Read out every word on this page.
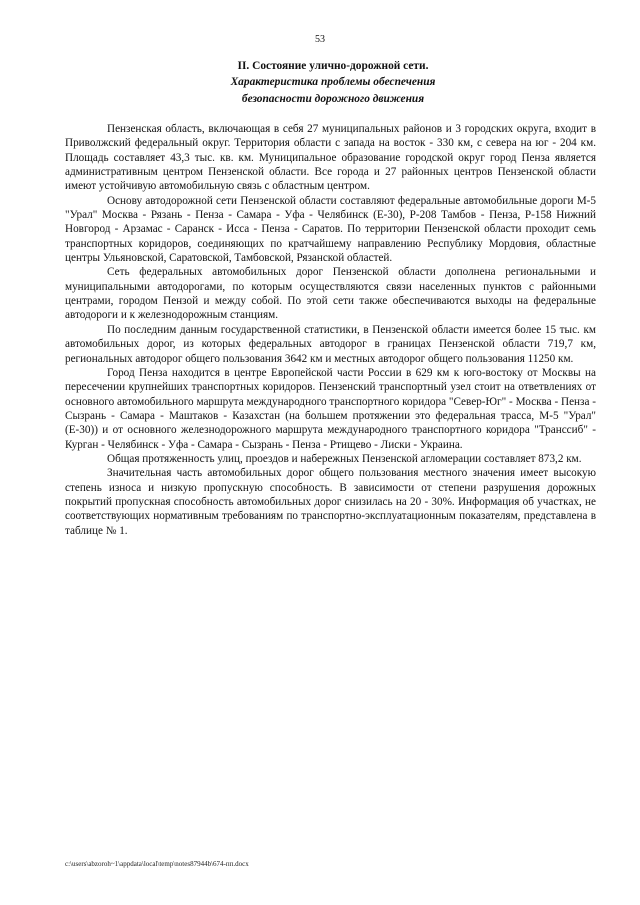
53
II. Состояние улично-дорожной сети.
Характеристика проблемы обеспечения
безопасности дорожного движения

Пензенская область, включающая в себя 27 муниципальных районов и 3 городских округа, входит в Приволжский федеральный округ. Территория области с запада на восток - 330 км, с севера на юг - 204 км. Площадь составляет 43,3 тыс. кв. км. Муниципальное образование городской округ город Пенза является административным центром Пензенской области. Все города и 27 районных центров Пензенской области имеют устойчивую автомобильную связь с областным центром.

Основу автодорожной сети Пензенской области составляют федеральные автомобильные дороги М-5 "Урал" Москва - Рязань - Пенза - Самара - Уфа - Челябинск (Е-30), Р-208 Тамбов - Пенза, Р-158 Нижний Новгород - Арзамас - Саранск - Исса - Пенза - Саратов. По территории Пензенской области проходит семь транспортных коридоров, соединяющих по кратчайшему направлению Республику Мордовия, областные центры Ульяновской, Саратовской, Тамбовской, Рязанской областей.

Сеть федеральных автомобильных дорог Пензенской области дополнена региональными и муниципальными автодорогами, по которым осуществляются связи населенных пунктов с районными центрами, городом Пензой и между собой. По этой сети также обеспечиваются выходы на федеральные автодороги и к железнодорожным станциям.

По последним данным государственной статистики, в Пензенской области имеется более 15 тыс. км автомобильных дорог, из которых федеральных автодорог в границах Пензенской области 719,7 км, региональных автодорог общего пользования 3642 км и местных автодорог общего пользования 11250 км.

Город Пенза находится в центре Европейской части России в 629 км к юго-востоку от Москвы на пересечении крупнейших транспортных коридоров. Пензенский транспортный узел стоит на ответвлениях от основного автомобильного маршрута международного транспортного коридора "Север-Юг" - Москва - Пенза - Сызрань - Самара - Маштаков - Казахстан (на большем протяжении это федеральная трасса, М-5 "Урал" (Е-30)) и от основного железнодорожного маршрута международного транспортного коридора "Транссиб" - Курган - Челябинск - Уфа - Самара - Сызрань - Пенза - Ртищево - Лиски - Украина.

Общая протяженность улиц, проездов и набережных Пензенской агломерации составляет 873,2 км.

Значительная часть автомобильных дорог общего пользования местного значения имеет высокую степень износа и низкую пропускную способность. В зависимости от степени разрушения дорожных покрытий пропускная способность автомобильных дорог снизилась на 20 - 30%. Информация об участках, не соответствующих нормативным требованиям по транспортно-эксплуатационным показателям, представлена в таблице № 1.

c:\users\abzoroh~1\appdata\local\temp\notes87944b\674-пп.docx
